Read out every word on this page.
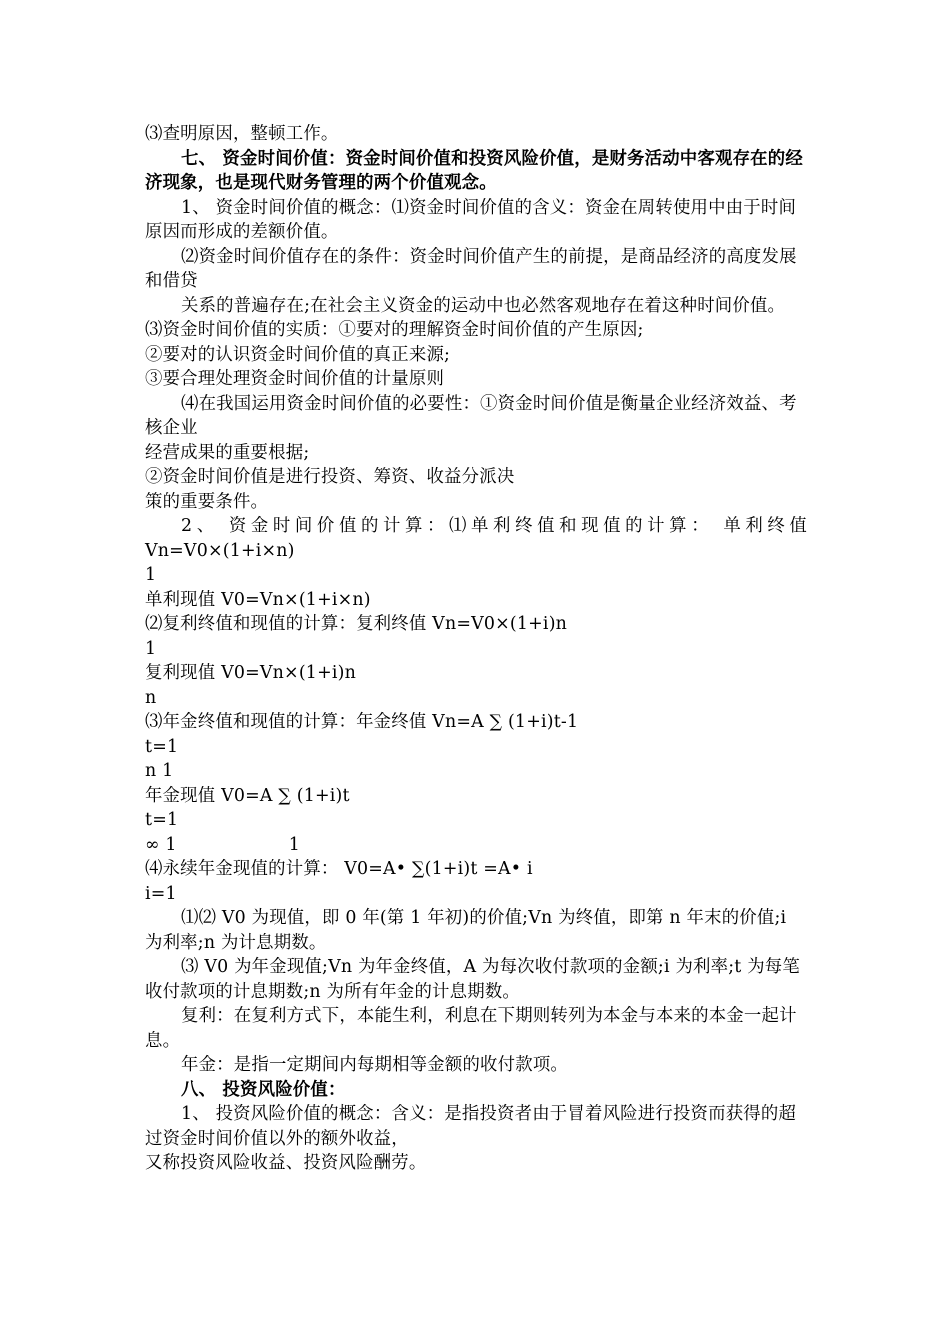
⑶查明原因，整顿工作。

七、 资金时间价值：资金时间价值和投资风险价值，是财务活动中客观存在的经济现象，也是现代财务管理的两个价值观念。

1、 资金时间价值的概念：⑴资金时间价值的含义：资金在周转使用中由于时间原因而形成的差额价值。

⑵资金时间价值存在的条件：资金时间价值产生的前提，是商品经济的高度发展和借贷

关系的普遍存在;在社会主义资金的运动中也必然客观地存在着这种时间价值。

⑶资金时间价值的实质：①要对的理解资金时间价值的产生原因;

②要对的认识资金时间价值的真正来源;

③要合理处理资金时间价值的计量原则

⑷在我国运用资金时间价值的必要性：①资金时间价值是衡量企业经济效益、考核企业

经营成果的重要根据;

②资金时间价值是进行投资、筹资、收益分派决

策的重要条件。

2、 资金时间价值的计算：⑴单利终值和现值的计算： 单利终值

Vn=V0×(1+i×n)

1

单利现值 V0=Vn×(1+i×n)

⑵复利终值和现值的计算：复利终值 Vn=V0×(1+i)n

1

复利现值 V0=Vn×(1+i)n

n

⑶年金终值和现值的计算：年金终值 Vn=A ∑ (1+i)t-1

t=1

n 1

年金现值 V0=A ∑ (1+i)t

t=1

∞ 1	1

⑷永续年金现值的计算： V0=A• ∑(1+i)t =A• i

i=1

⑴⑵ V0 为现值，即 0 年(第 1 年初)的价值;Vn 为终值，即第 n 年末的价值;i 为利率;n 为计息期数。

⑶ V0 为年金现值;Vn 为年金终值，A 为每次收付款项的金额;i 为利率;t 为每笔收付款项的计息期数;n 为所有年金的计息期数。

复利：在复利方式下，本能生利，利息在下期则转列为本金与本来的本金一起计息。

年金：是指一定期间内每期相等金额的收付款项。

八、 投资风险价值：

1、 投资风险价值的概念：含义：是指投资者由于冒着风险进行投资而获得的超过资金时间价值以外的额外收益，

又称投资风险收益、投资风险酬劳。
